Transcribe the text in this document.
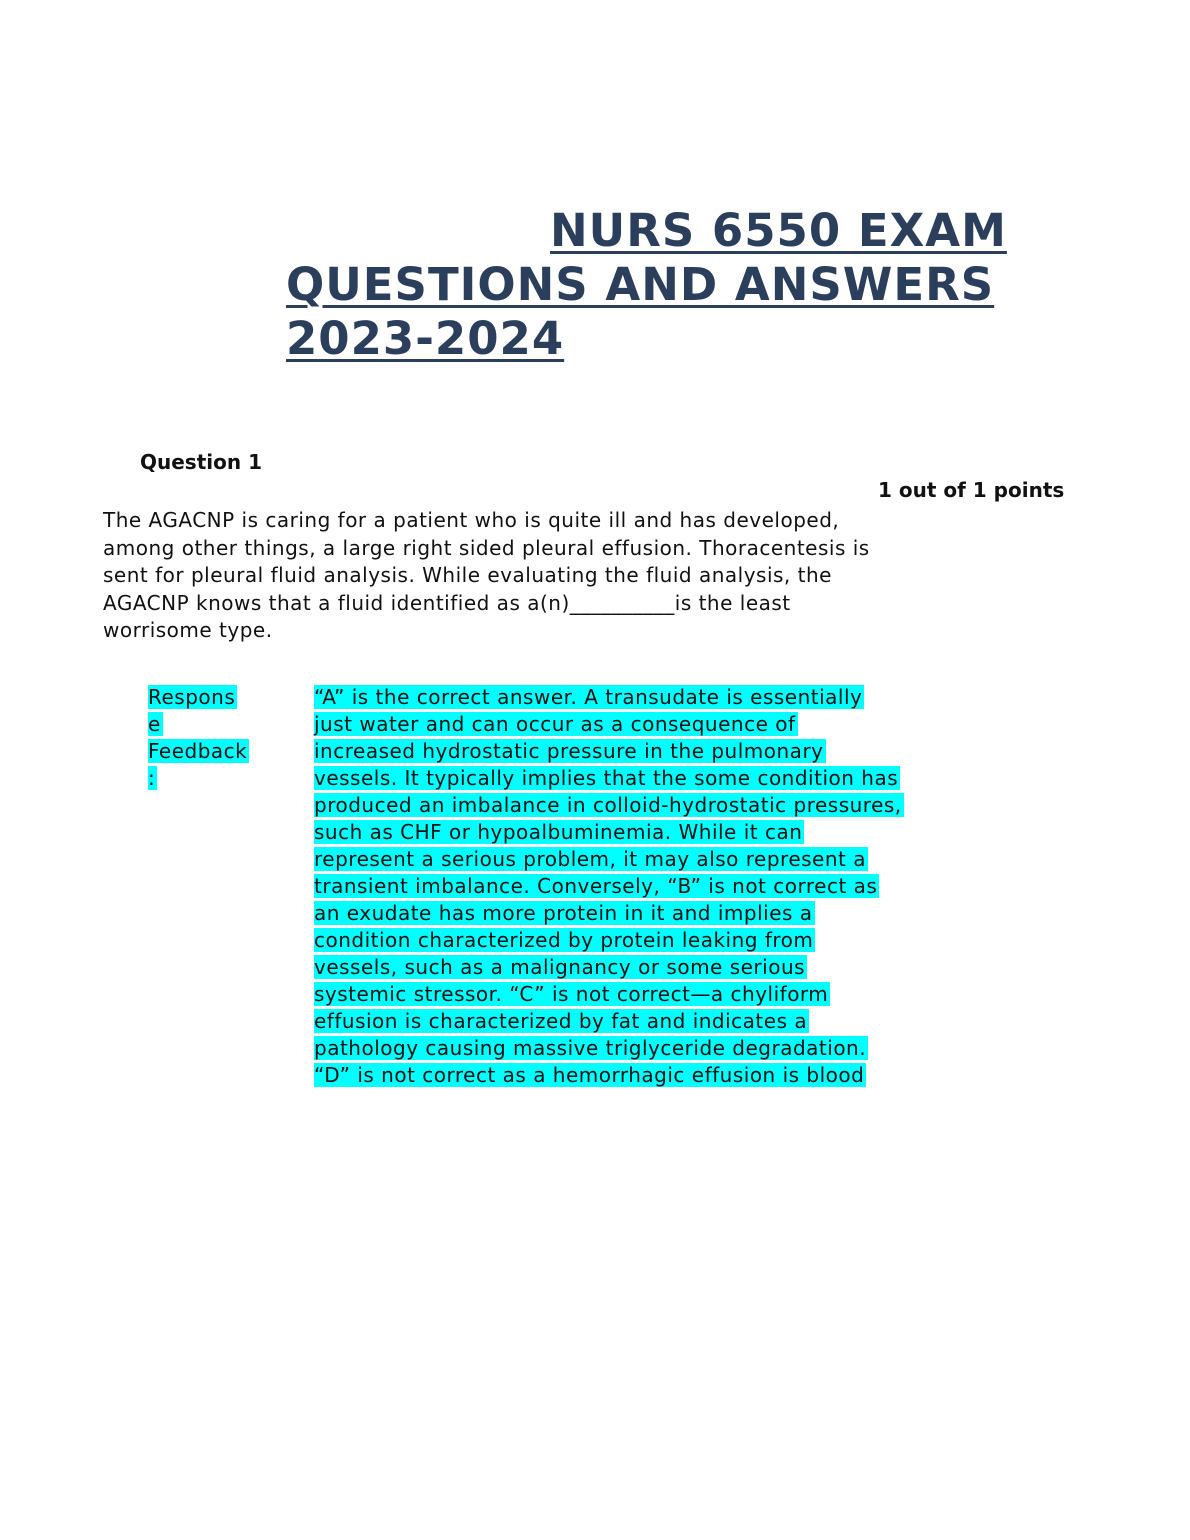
NURS 6550 EXAM
QUESTIONS AND ANSWERS
2023-2024
Question 1
1 out of 1 points
The AGACNP is caring for a patient who is quite ill and has developed,
among other things, a large right sided pleural effusion. Thoracentesis is
sent for pleural fluid analysis. While evaluating the fluid analysis, the
AGACNP knows that a fluid identified as a(n)__________is the least
worrisome type.
Respons
e
Feedback
:
“A” is the correct answer. A transudate is essentially
just water and can occur as a consequence of
increased hydrostatic pressure in the pulmonary
vessels. It typically implies that the some condition has
produced an imbalance in colloid-hydrostatic pressures,
such as CHF or hypoalbuminemia. While it can
represent a serious problem, it may also represent a
transient imbalance. Conversely, “B” is not correct as
an exudate has more protein in it and implies a
condition characterized by protein leaking from
vessels, such as a malignancy or some serious
systemic stressor. “C” is not correct—a chyliform
effusion is characterized by fat and indicates a
pathology causing massive triglyceride degradation.
“D” is not correct as a hemorrhagic effusion is blood
